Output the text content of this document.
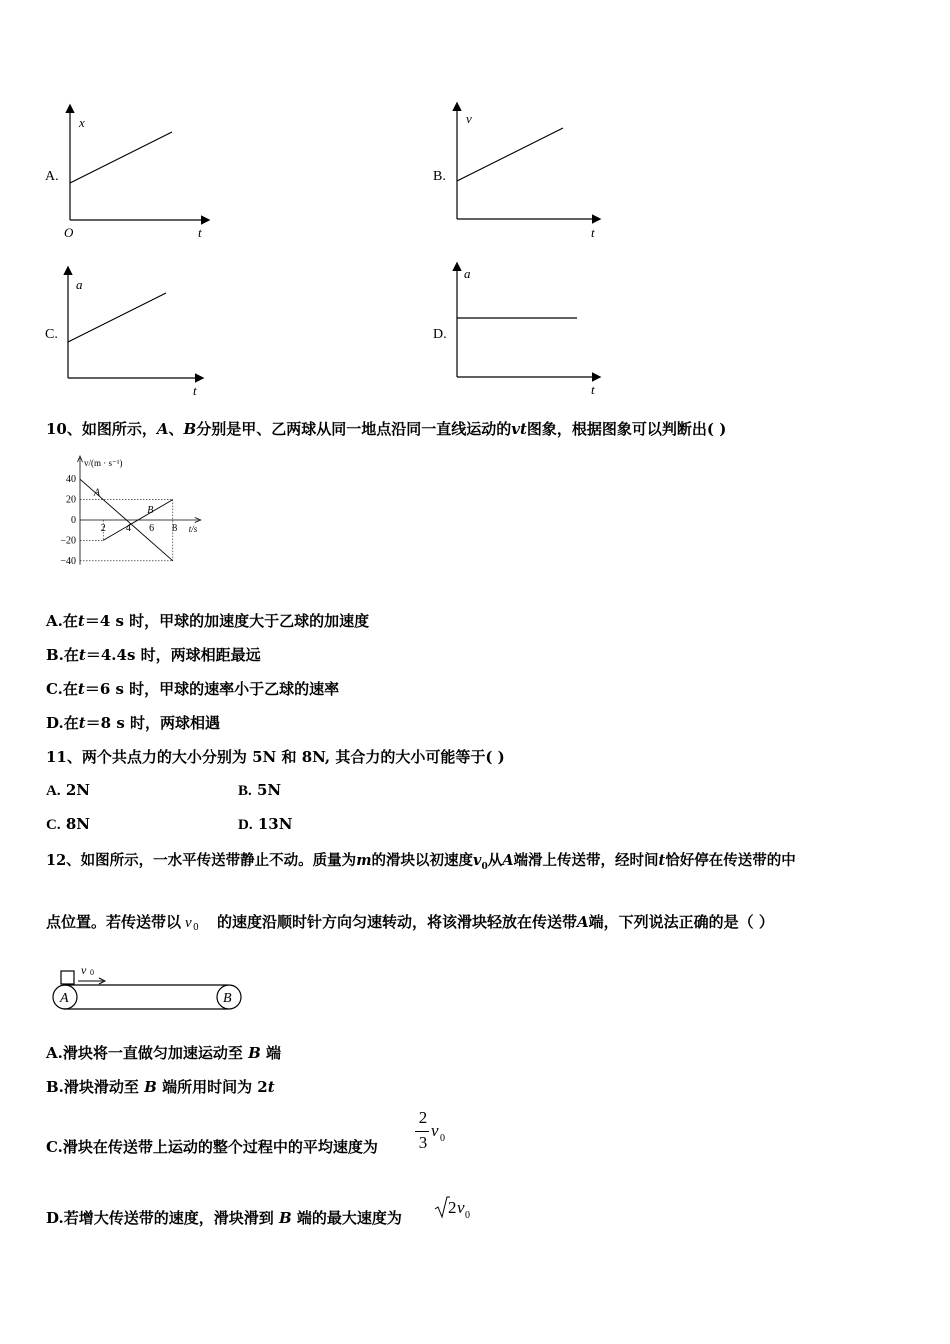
A.
x
O	t
B.
v
t
C.
a
t
D.
a
t
10、如图所示，A、B分别是甲、乙两球从同一地点沿同一直线运动的vt图象，根据图象可以判断出( )
40
20
0
−20
−40
2 4 6 8
A
B
v/(m · s⁻¹)
t/s
A.在t＝4 s 时，甲球的加速度大于乙球的加速度
B.在t＝4.4s 时，两球相距最远
C.在t＝6 s 时，甲球的速率小于乙球的速率
D.在t＝8 s 时，两球相遇
11、两个共点力的大小分别为 5N 和 8N, 其合力的大小可能等于( )
A. 2N	B. 5N
C. 8N	D. 13N
12、如图所示，一水平传送带静止不动。质量为m的滑块以初速度$v_0$从A端滑上传送带，经时间t恰好停在传送带的中
点位置。若传送带以 v 0 的速度沿顺时针方向匀速转动，将该滑块轻放在传送带A端，下列说法正确的是（ ）
v 0
A	B
A.滑块将一直做匀加速运动至 B 端
B.滑块滑动至 B 端所用时间为 2t
C.滑块在传送带上运动的整个过程中的平均速度为
2
3
v 0
D.若增大传送带的速度，滑块滑到 B 端的最大速度为
2 v 0
